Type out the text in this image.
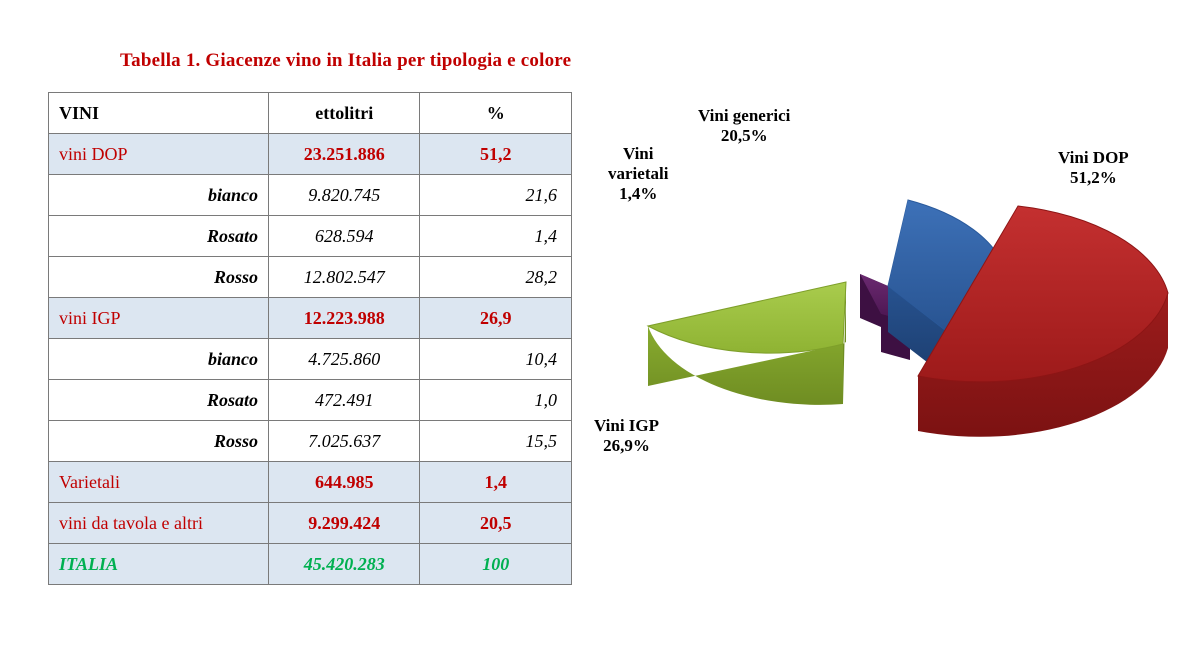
Tabella 1. Giacenze vino in Italia per tipologia e colore
VINI	ettolitri	%
vini DOP	23.251.886	51,2
bianco	9.820.745	21,6
Rosato	628.594	1,4
Rosso	12.802.547	28,2
vini IGP	12.223.988	26,9
bianco	4.725.860	10,4
Rosato	472.491	1,0
Rosso	7.025.637	15,5
Varietali	644.985	1,4
vini da tavola e altri	9.299.424	20,5
ITALIA	45.420.283	100
Vini generici
20,5%
Vini
varietali
1,4%
Vini DOP
51,2%
Vini IGP
26,9%
